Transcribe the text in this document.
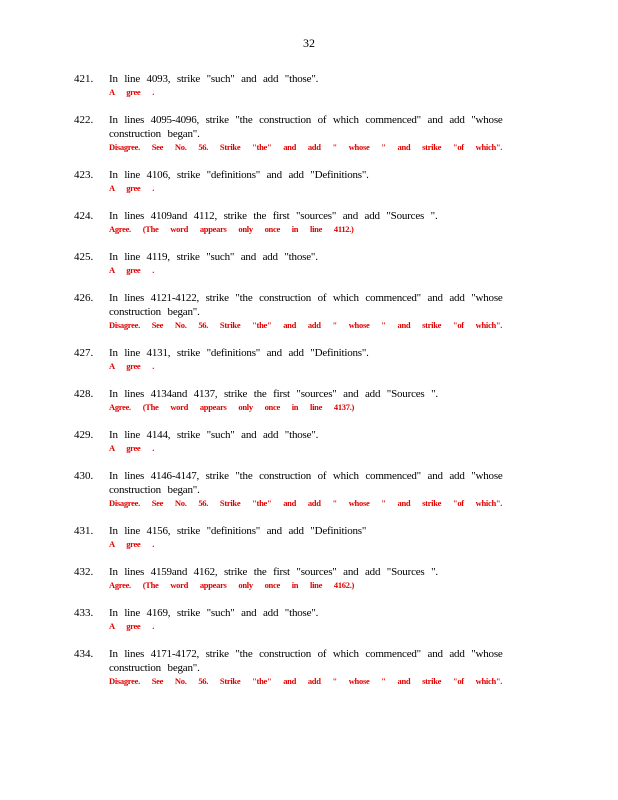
32
421. In line 4093, strike "such" and add "those".
A gree .
422. In lines 4095-4096, strike "the construction of which commenced" and add "whose construction began".
Disagree. See No. 56. Strike "the" and add " whose " and strike "of which".
423. In line 4106, strike "definitions" and add "Definitions".
A gree .
424. In lines 4109and 4112, strike the first "sources" and add "Sources ".
Agree. (The word appears only once in line 4112.)
425. In line 4119, strike "such" and add "those".
A gree .
426. In lines 4121-4122, strike "the construction of which commenced" and add "whose construction began".
Disagree. See No. 56. Strike "the" and add " whose " and strike "of which".
427. In line 4131, strike "definitions" and add "Definitions".
A gree .
428. In lines 4134and 4137, strike the first "sources" and add "Sources ".
Agree. (The word appears only once in line 4137.)
429. In line 4144, strike "such" and add "those".
A gree .
430. In lines 4146-4147, strike "the construction of which commenced" and add "whose construction began".
Disagree. See No. 56. Strike "the" and add " whose " and strike "of which".
431. In line 4156, strike "definitions" and add "Definitions"
A gree .
432. In lines 4159and 4162, strike the first "sources" and add "Sources ".
Agree. (The word appears only once in line 4162.)
433. In line 4169, strike "such" and add "those".
A gree .
434. In lines 4171-4172, strike "the construction of which commenced" and add "whose construction began".
Disagree. See No. 56. Strike "the" and add " whose " and strike "of which".
